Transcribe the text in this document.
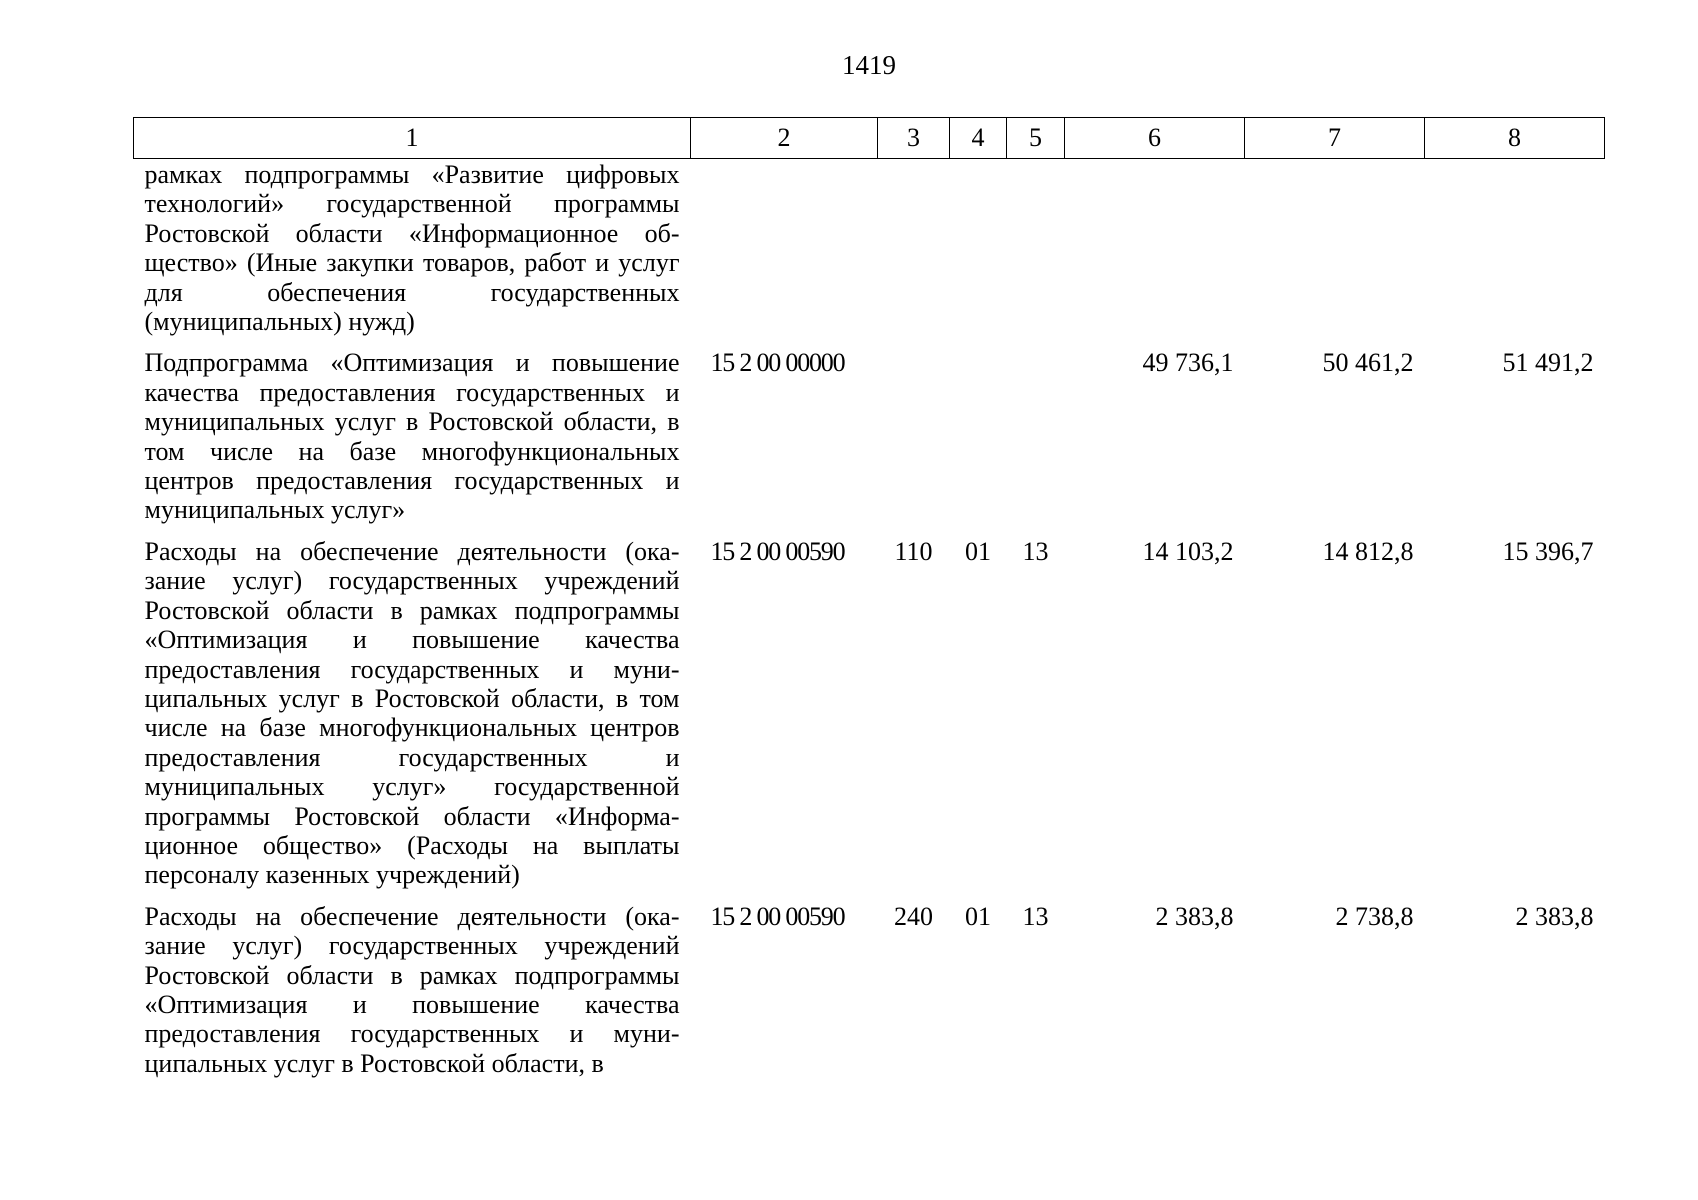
1419
1	2	3	4	5	6	7	8
рамках подпрограммы «Развитие цифровых технологий» государственной программы Ростовской области «Информационное общество» (Иные закупки товаров, работ и услуг для обеспечения государственных (муниципальных) нужд)							
Подпрограмма «Оптимизация и повышение качества предоставления государственных и муниципальных услуг в Ростовской области, в том числе на базе многофункциональных центров предоставления государственных и муниципальных услуг»	15 2 00 00000				49 736,1	50 461,2	51 491,2
Расходы на обеспечение деятельности (оказание услуг) государственных учреждений Ростовской области в рамках подпрограммы «Оптимизация и повышение качества предоставления государственных и муниципальных услуг в Ростовской области, в том числе на базе многофункциональных центров предоставления государственных и муниципальных услуг» государственной программы Ростовской области «Информационное общество» (Расходы на выплаты персоналу казенных учреждений)	15 2 00 00590	110	01	13	14 103,2	14 812,8	15 396,7
Расходы на обеспечение деятельности (оказание услуг) государственных учреждений Ростовской области в рамках подпрограммы «Оптимизация и повышение качества предоставления государственных и муниципальных услуг в Ростовской области, в	15 2 00 00590	240	01	13	2 383,8	2 738,8	2 383,8
